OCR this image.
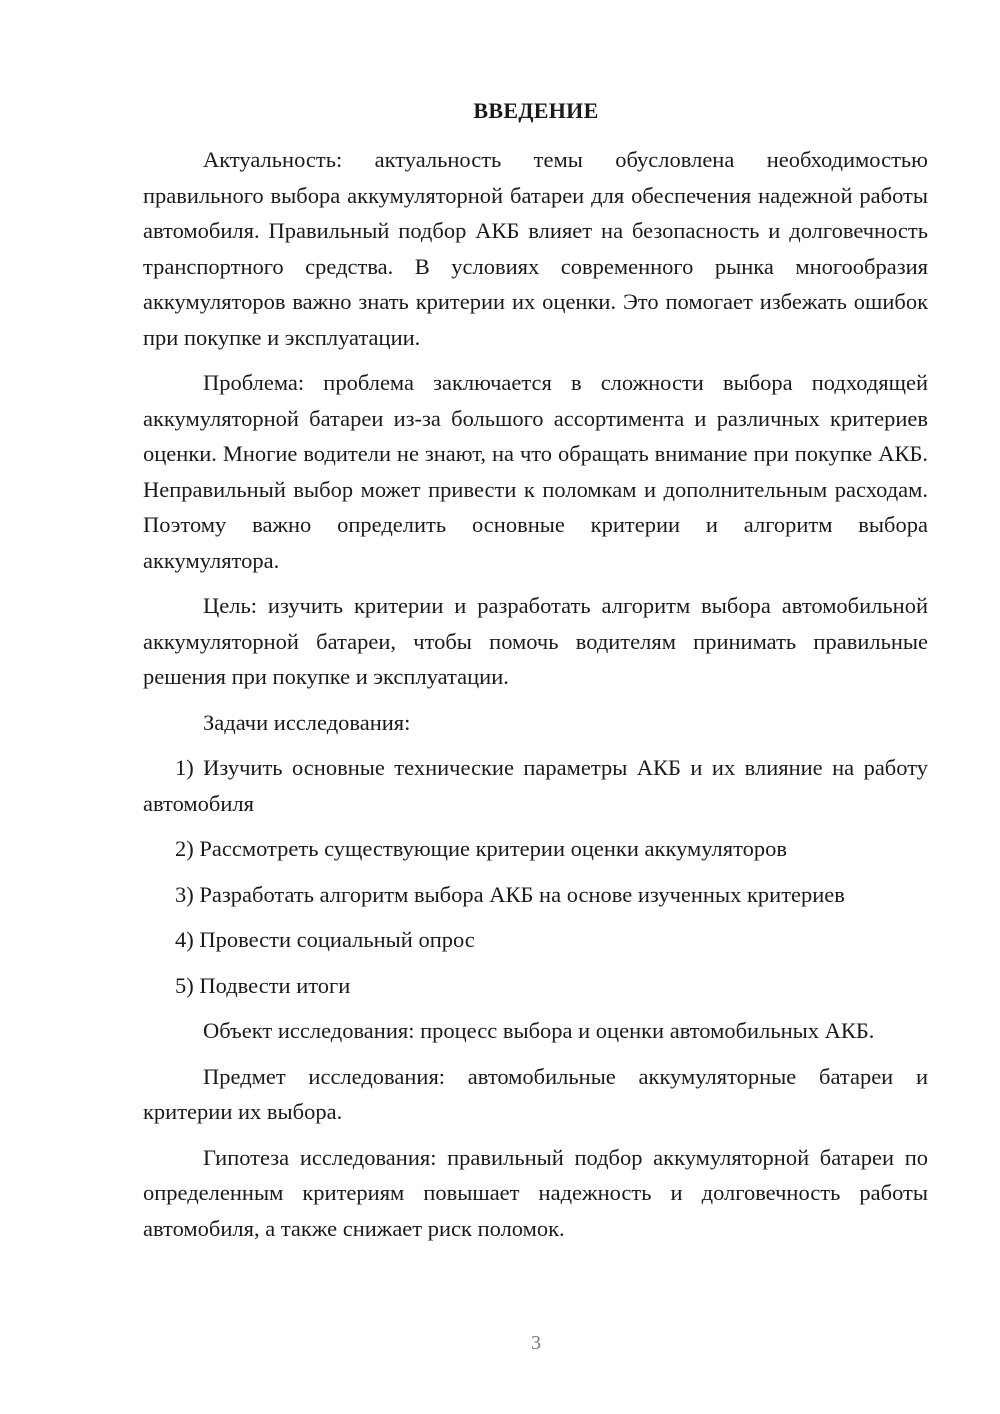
ВВЕДЕНИЕ

Актуальность: актуальность темы обусловлена необходимостью правильного выбора аккумуляторной батареи для обеспечения надежной работы автомобиля. Правильный подбор АКБ влияет на безопасность и долговечность транспортного средства. В условиях современного рынка многообразия аккумуляторов важно знать критерии их оценки. Это помогает избежать ошибок при покупке и эксплуатации.

Проблема: проблема заключается в сложности выбора подходящей аккумуляторной батареи из-за большого ассортимента и различных критериев оценки. Многие водители не знают, на что обращать внимание при покупке АКБ. Неправильный выбор может привести к поломкам и дополнительным расходам. Поэтому важно определить основные критерии и алгоритм выбора аккумулятора.

Цель: изучить критерии и разработать алгоритм выбора автомобильной аккумуляторной батареи, чтобы помочь водителям принимать правильные решения при покупке и эксплуатации.

Задачи исследования:

1) Изучить основные технические параметры АКБ и их влияние на работу автомобиля

2) Рассмотреть существующие критерии оценки аккумуляторов

3) Разработать алгоритм выбора АКБ на основе изученных критериев

4) Провести социальный опрос

5) Подвести итоги

Объект исследования: процесс выбора и оценки автомобильных АКБ.

Предмет исследования: автомобильные аккумуляторные батареи и критерии их выбора.

Гипотеза исследования: правильный подбор аккумуляторной батареи по определенным критериям повышает надежность и долговечность работы автомобиля, а также снижает риск поломок.

3
